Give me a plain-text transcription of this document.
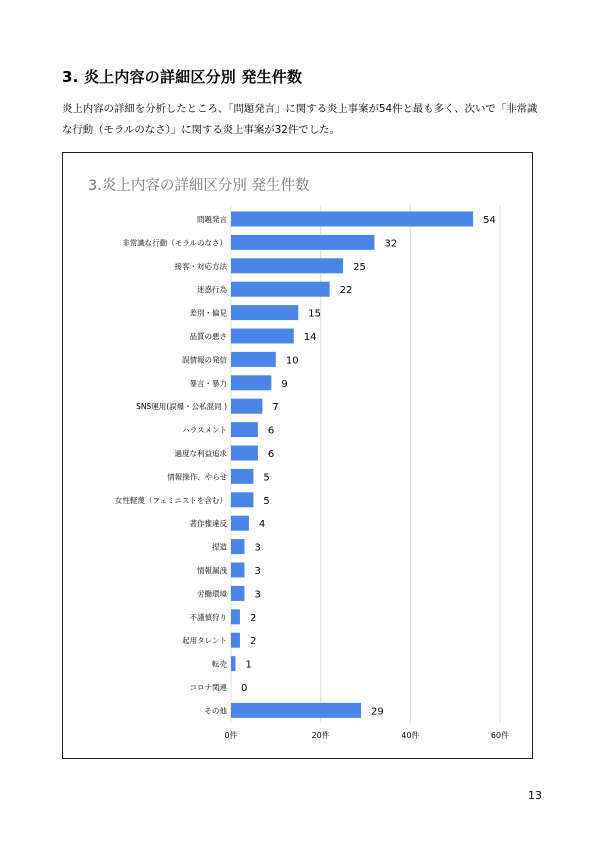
3. 炎上内容の詳細区分別 発生件数
炎上内容の詳細を分析したところ、「問題発言」に関する炎上事案が54件と最も多く、次いで「非常識な行動（モラルのなさ）」に関する炎上事案が32件でした。
3.炎上内容の詳細区分別 発生件数
0件	20件	40件	60件
問題発言	54
非常識な行動（モラルのなさ）	32
接客・対応方法	25
迷惑行為	22
差別・偏見	15
品質の悪さ	14
誤情報の発信	10
暴言・暴力	9
SNS運用(誤爆・公私混同 )	7
ハラスメント	6
過度な利益追求	6
情報操作、やらせ	5
女性軽蔑（フェミニストを含む）	5
著作権違反	4
捏造	3
情報漏洩	3
労働環境	3
不謹慎狩り 2
起用タレント 2
転売 1
コロナ関連 0
その他	29
13
